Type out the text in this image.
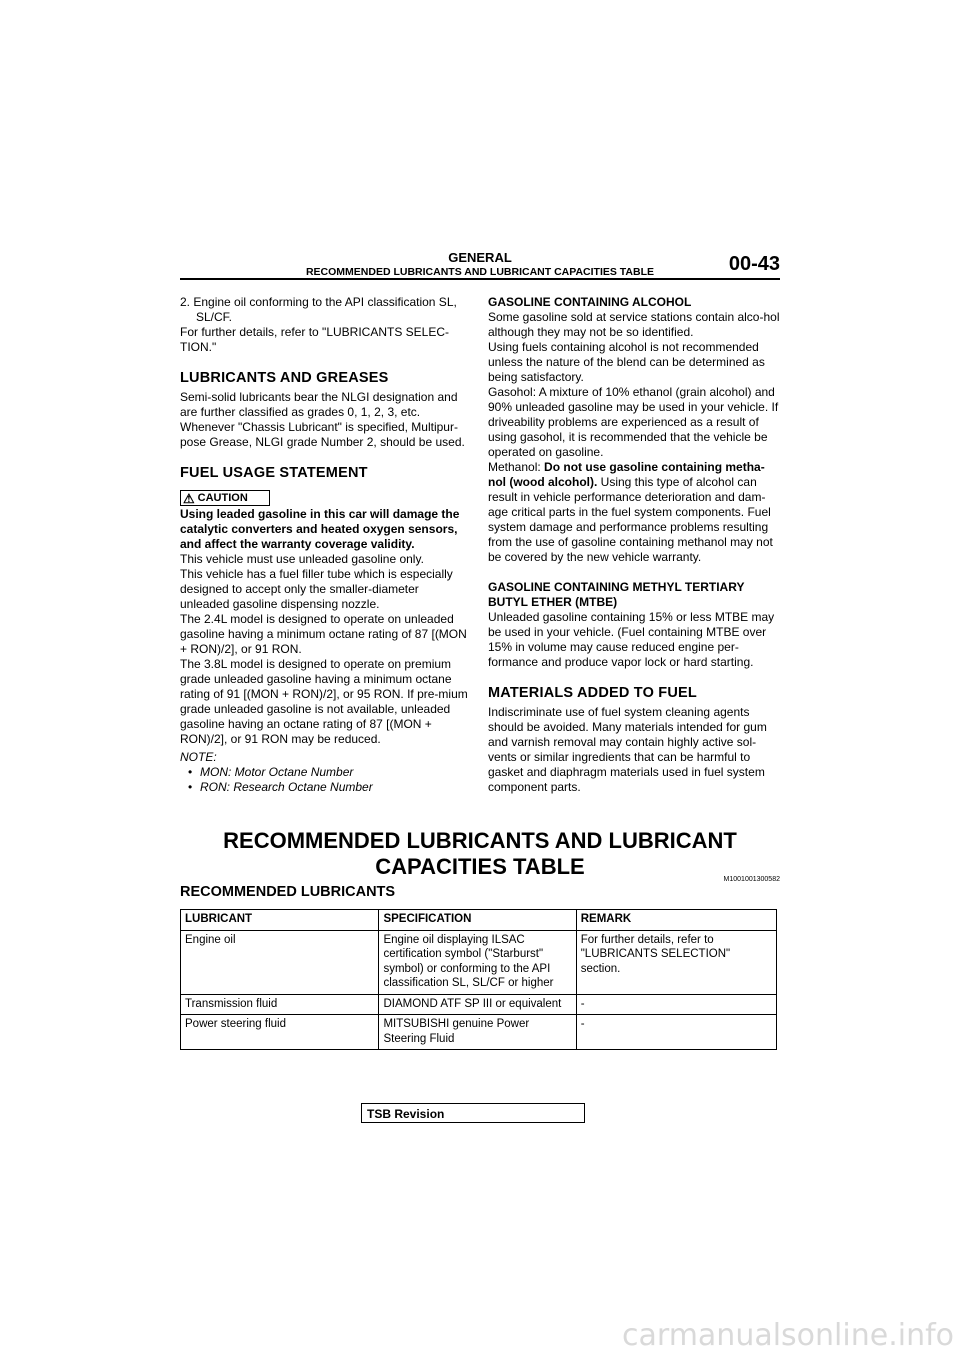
GENERAL
RECOMMENDED LUBRICANTS AND LUBRICANT CAPACITIES TABLE	00-43

2. Engine oil conforming to the API classification SL,

SL/CF.

For further details, refer to "LUBRICANTS SELEC-TION."

LUBRICANTS AND GREASES

Semi-solid lubricants bear the NLGI designation and are further classified as grades 0, 1, 2, 3, etc. Whenever "Chassis Lubricant" is specified, Multipur-pose Grease, NLGI grade Number 2, should be used.

FUEL USAGE STATEMENT
⚠ CAUTION

Using leaded gasoline in this car will damage the catalytic converters and heated oxygen sensors, and affect the warranty coverage validity.

This vehicle must use unleaded gasoline only.

This vehicle has a fuel filler tube which is especially designed to accept only the smaller-diameter unleaded gasoline dispensing nozzle.

The 2.4L model is designed to operate on unleaded gasoline having a minimum octane rating of 87 [(MON + RON)/2], or 91 RON.

The 3.8L model is designed to operate on premium grade unleaded gasoline having a minimum octane rating of 91 [(MON + RON)/2], or 95 RON. If pre-mium grade unleaded gasoline is not available, unleaded gasoline having an octane rating of 87 [(MON + RON)/2], or 91 RON may be reduced.

NOTE:
• MON: Motor Octane Number
• RON: Research Octane Number
GASOLINE CONTAINING ALCOHOL

Some gasoline sold at service stations contain alco-hol although they may not be so identified.

Using fuels containing alcohol is not recommended unless the nature of the blend can be determined as being satisfactory.

Gasohol: A mixture of 10% ethanol (grain alcohol) and 90% unleaded gasoline may be used in your vehicle. If driveability problems are experienced as a result of using gasohol, it is recommended that the vehicle be operated on gasoline.

Methanol: Do not use gasoline containing metha-nol (wood alcohol). Using this type of alcohol can result in vehicle performance deterioration and dam-age critical parts in the fuel system components. Fuel system damage and performance problems resulting from the use of gasoline containing methanol may not be covered by the new vehicle warranty.

GASOLINE CONTAINING METHYL TERTIARY BUTYL ETHER (MTBE)

Unleaded gasoline containing 15% or less MTBE may be used in your vehicle. (Fuel containing MTBE over 15% in volume may cause reduced engine per-formance and produce vapor lock or hard starting.

MATERIALS ADDED TO FUEL

Indiscriminate use of fuel system cleaning agents should be avoided. Many materials intended for gum and varnish removal may contain highly active sol-vents or similar ingredients that can be harmful to gasket and diaphragm materials used in fuel system component parts.

RECOMMENDED LUBRICANTS AND LUBRICANT
CAPACITIES TABLE
M1001001300582
RECOMMENDED LUBRICANTS
LUBRICANT	SPECIFICATION	REMARK
Engine oil	Engine oil displaying ILSAC certification symbol ("Starburst" symbol) or conforming to the API classification SL, SL/CF or higher	For further details, refer to "LUBRICANTS SELECTION" section.
Transmission fluid	DIAMOND ATF SP III or equivalent	-
Power steering fluid	MITSUBISHI genuine Power Steering Fluid	-
TSB Revision
carmanualsonline.info
